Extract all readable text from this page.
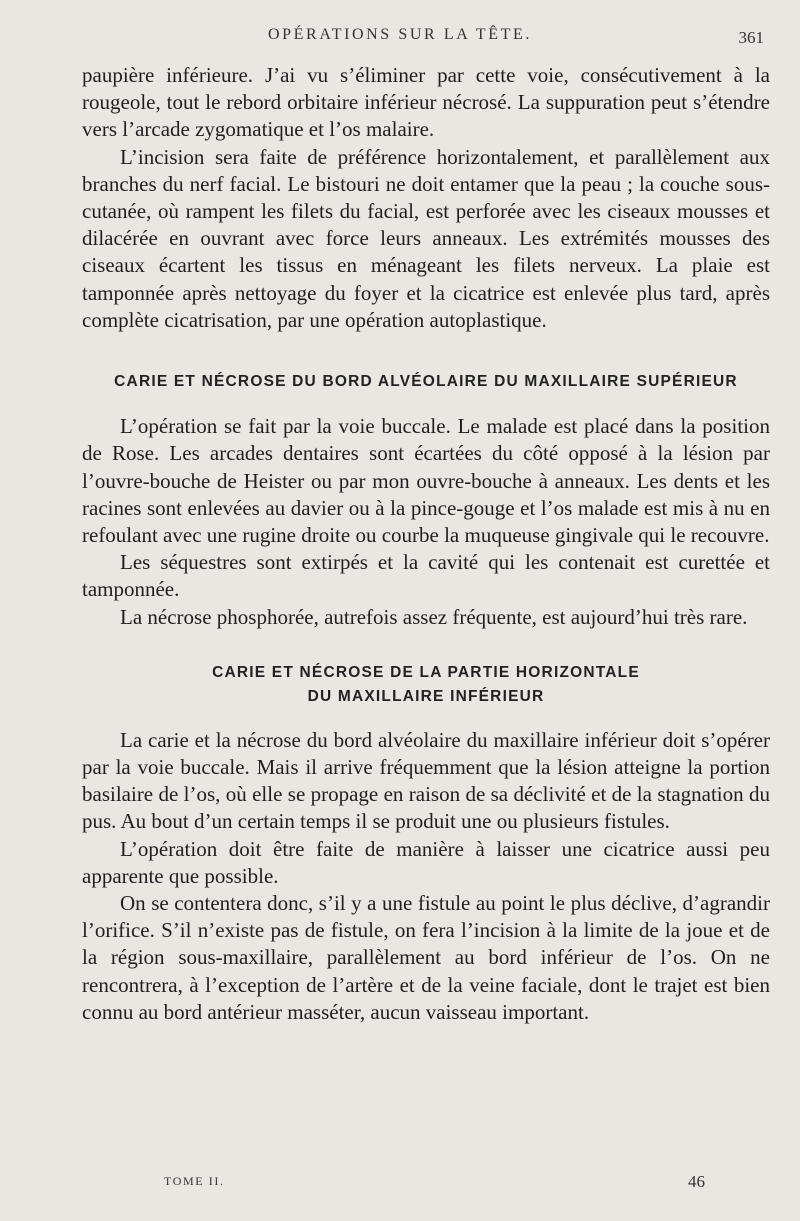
OPÉRATIONS SUR LA TÊTE.	361

paupière inférieure. J’ai vu s’éliminer par cette voie, consécutivement à la rougeole, tout le rebord orbitaire inférieur nécrosé. La suppuration peut s’étendre vers l’arcade zygomatique et l’os malaire.

L’incision sera faite de préférence horizontalement, et parallèlement aux branches du nerf facial. Le bistouri ne doit entamer que la peau ; la couche sous-cutanée, où rampent les filets du facial, est perforée avec les ciseaux mousses et dilacérée en ouvrant avec force leurs anneaux. Les extrémités mousses des ciseaux écartent les tissus en ménageant les filets nerveux. La plaie est tamponnée après nettoyage du foyer et la cicatrice est enlevée plus tard, après complète cicatrisation, par une opération autoplastique.

CARIE ET NÉCROSE DU BORD ALVÉOLAIRE DU MAXILLAIRE SUPÉRIEUR

L’opération se fait par la voie buccale. Le malade est placé dans la position de Rose. Les arcades dentaires sont écartées du côté opposé à la lésion par l’ouvre-bouche de Heister ou par mon ouvre-bouche à anneaux. Les dents et les racines sont enlevées au davier ou à la pince-gouge et l’os malade est mis à nu en refoulant avec une rugine droite ou courbe la muqueuse gingivale qui le recouvre.

Les séquestres sont extirpés et la cavité qui les contenait est curettée et tamponnée.

La nécrose phosphorée, autrefois assez fréquente, est aujourd’hui très rare.

CARIE ET NÉCROSE DE LA PARTIE HORIZONTALE
DU MAXILLAIRE INFÉRIEUR

La carie et la nécrose du bord alvéolaire du maxillaire inférieur doit s’opérer par la voie buccale. Mais il arrive fréquemment que la lésion atteigne la portion basilaire de l’os, où elle se propage en raison de sa déclivité et de la stagnation du pus. Au bout d’un certain temps il se produit une ou plusieurs fistules.

L’opération doit être faite de manière à laisser une cicatrice aussi peu apparente que possible.

On se contentera donc, s’il y a une fistule au point le plus déclive, d’agrandir l’orifice. S’il n’existe pas de fistule, on fera l’incision à la limite de la joue et de la région sous-maxillaire, parallèlement au bord inférieur de l’os. On ne rencontrera, à l’exception de l’artère et de la veine faciale, dont le trajet est bien connu au bord antérieur masséter, aucun vaisseau important.

TOME II.	46
